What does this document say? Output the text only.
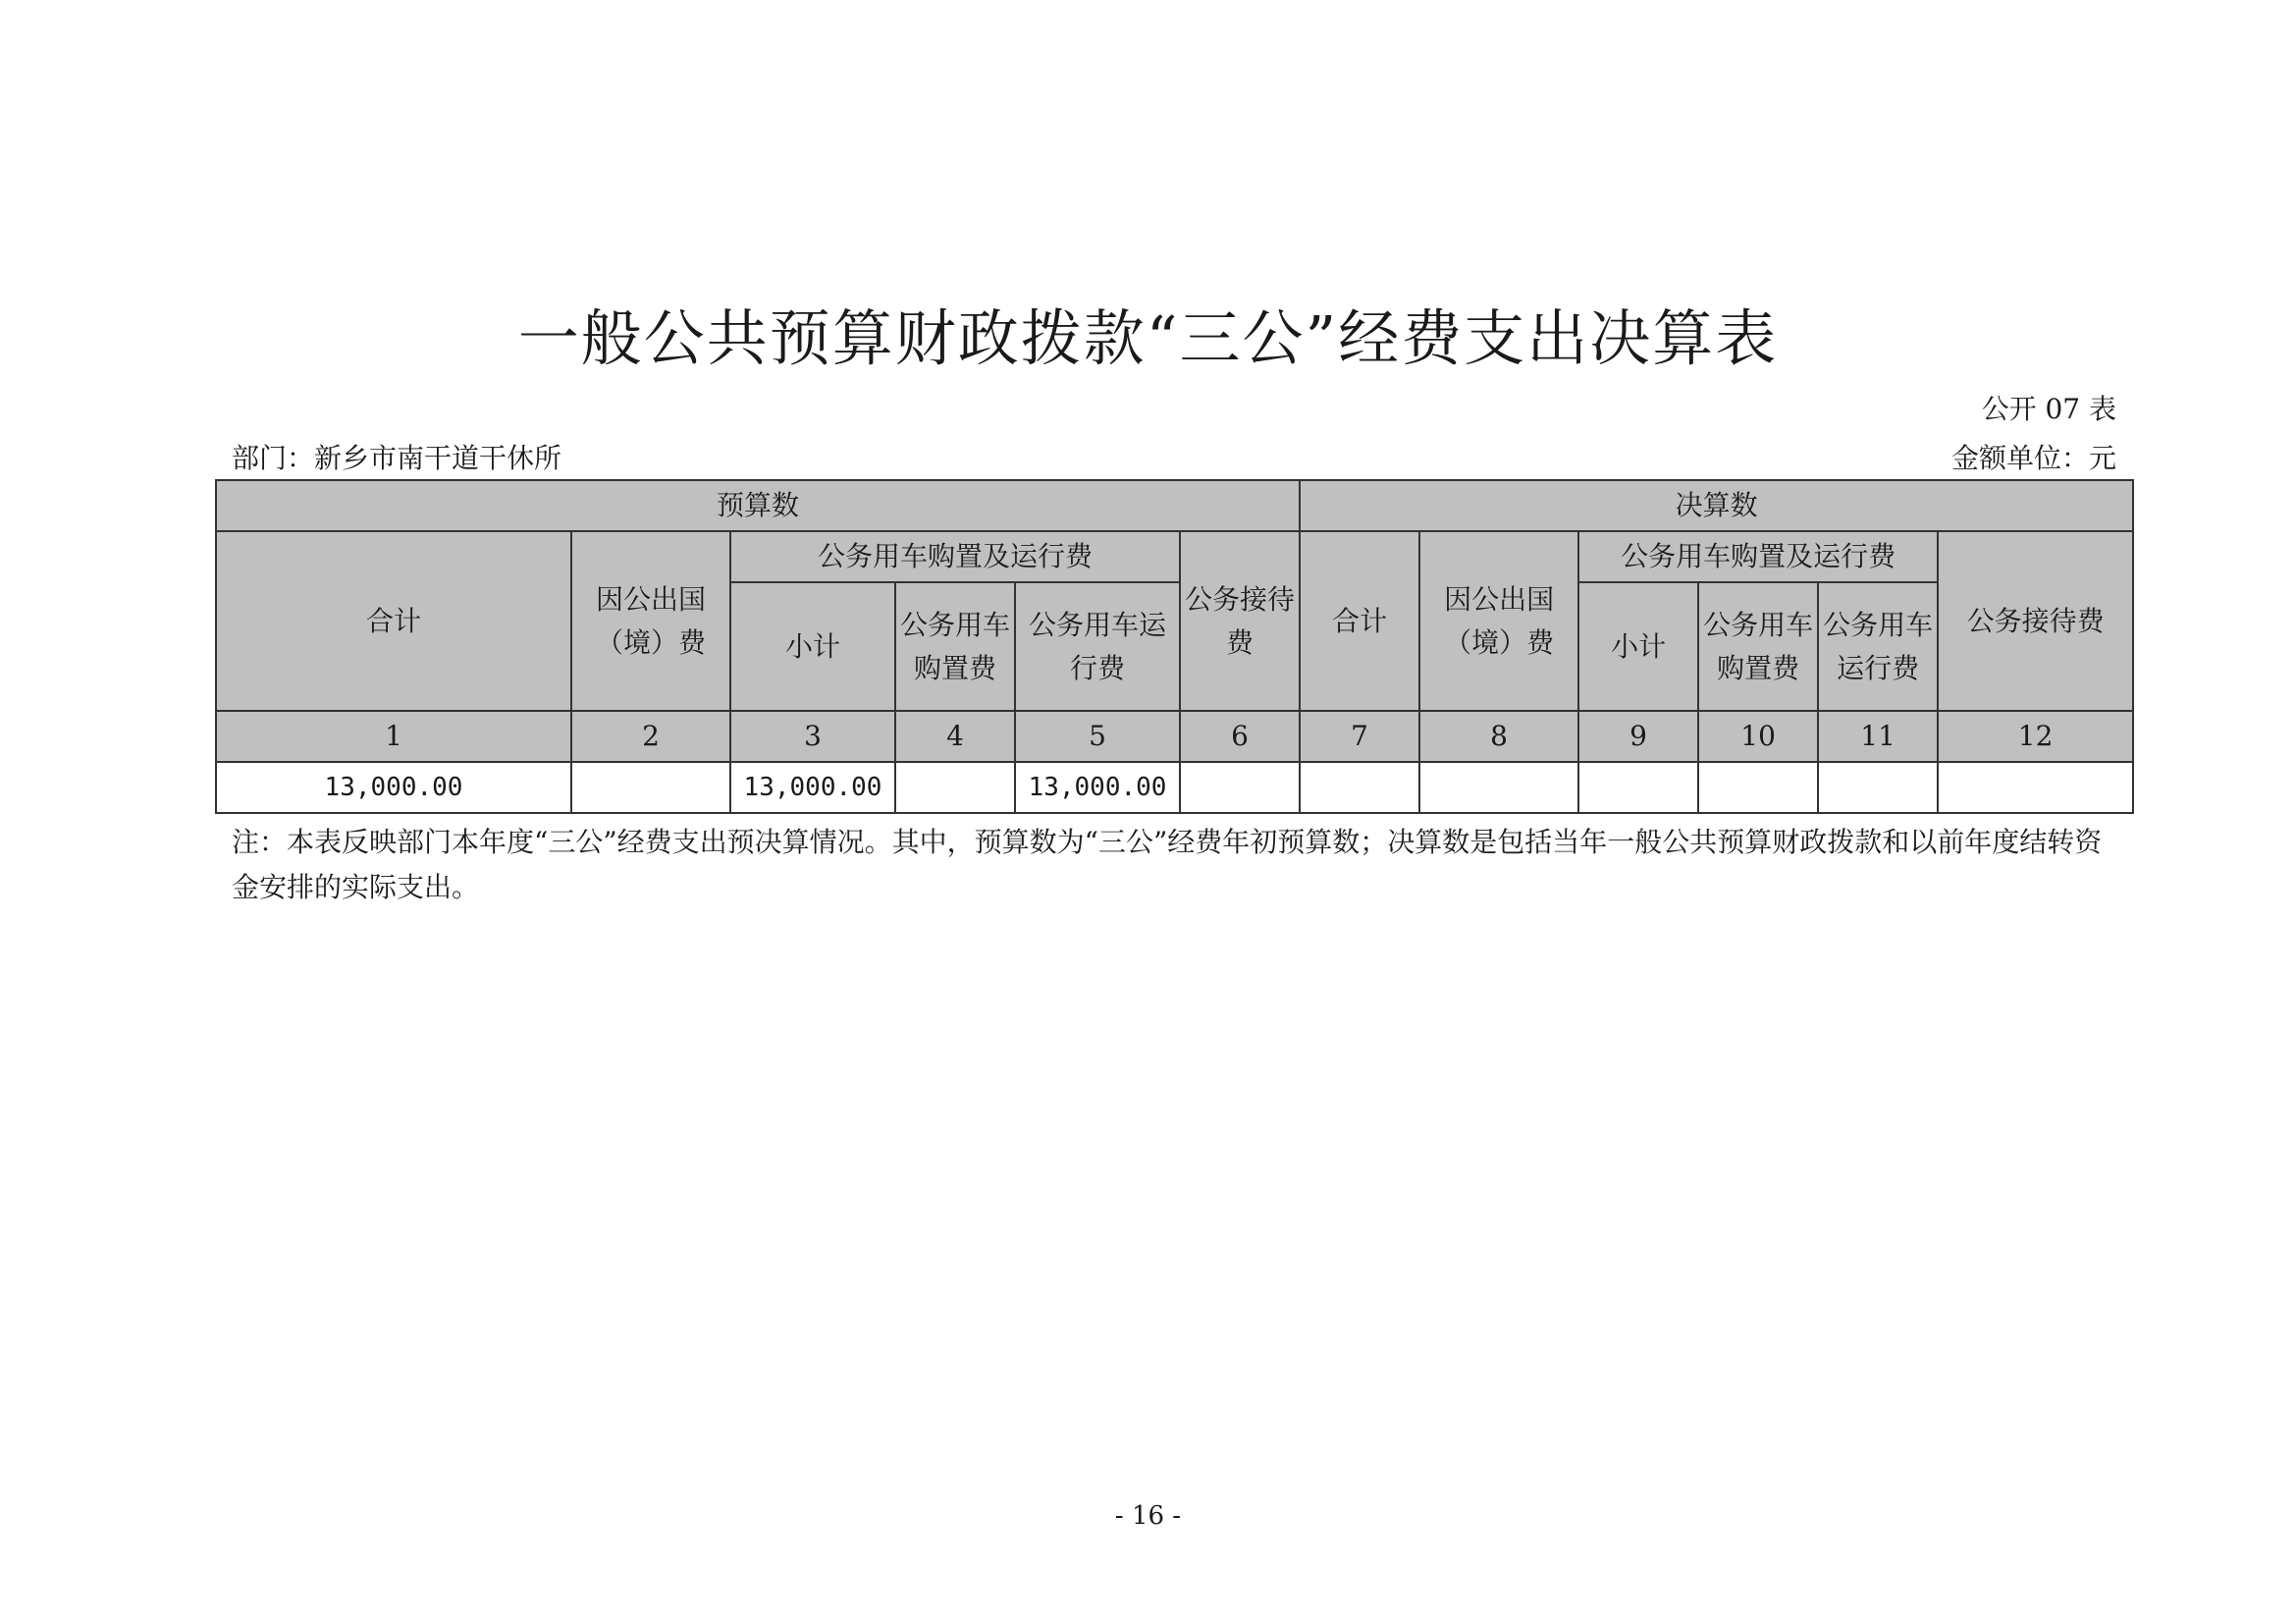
一般公共预算财政拨款“三公”经费支出决算表
公开 07 表
部门：新乡市南干道干休所	金额单位：元
预算数						决算数					
合计	因公出国（境）费	公务用车购置及运行费			公务接待费	合计	因公出国（境）费	公务用车购置及运行费			公务接待费
		小计	公务用车购置费	公务用车运行费				小计	公务用车购置费	公务用车运行费	
1	2	3	4	5	6	7	8	9	10	11	12
13,000.00		13,000.00		13,000.00							
注：本表反映部门本年度“三公”经费支出预决算情况。其中，预算数为“三公”经费年初预算数；决算数是包括当年一般公共预算财政拨款和以前年度结转资金安排的实际支出。
- 16 -
